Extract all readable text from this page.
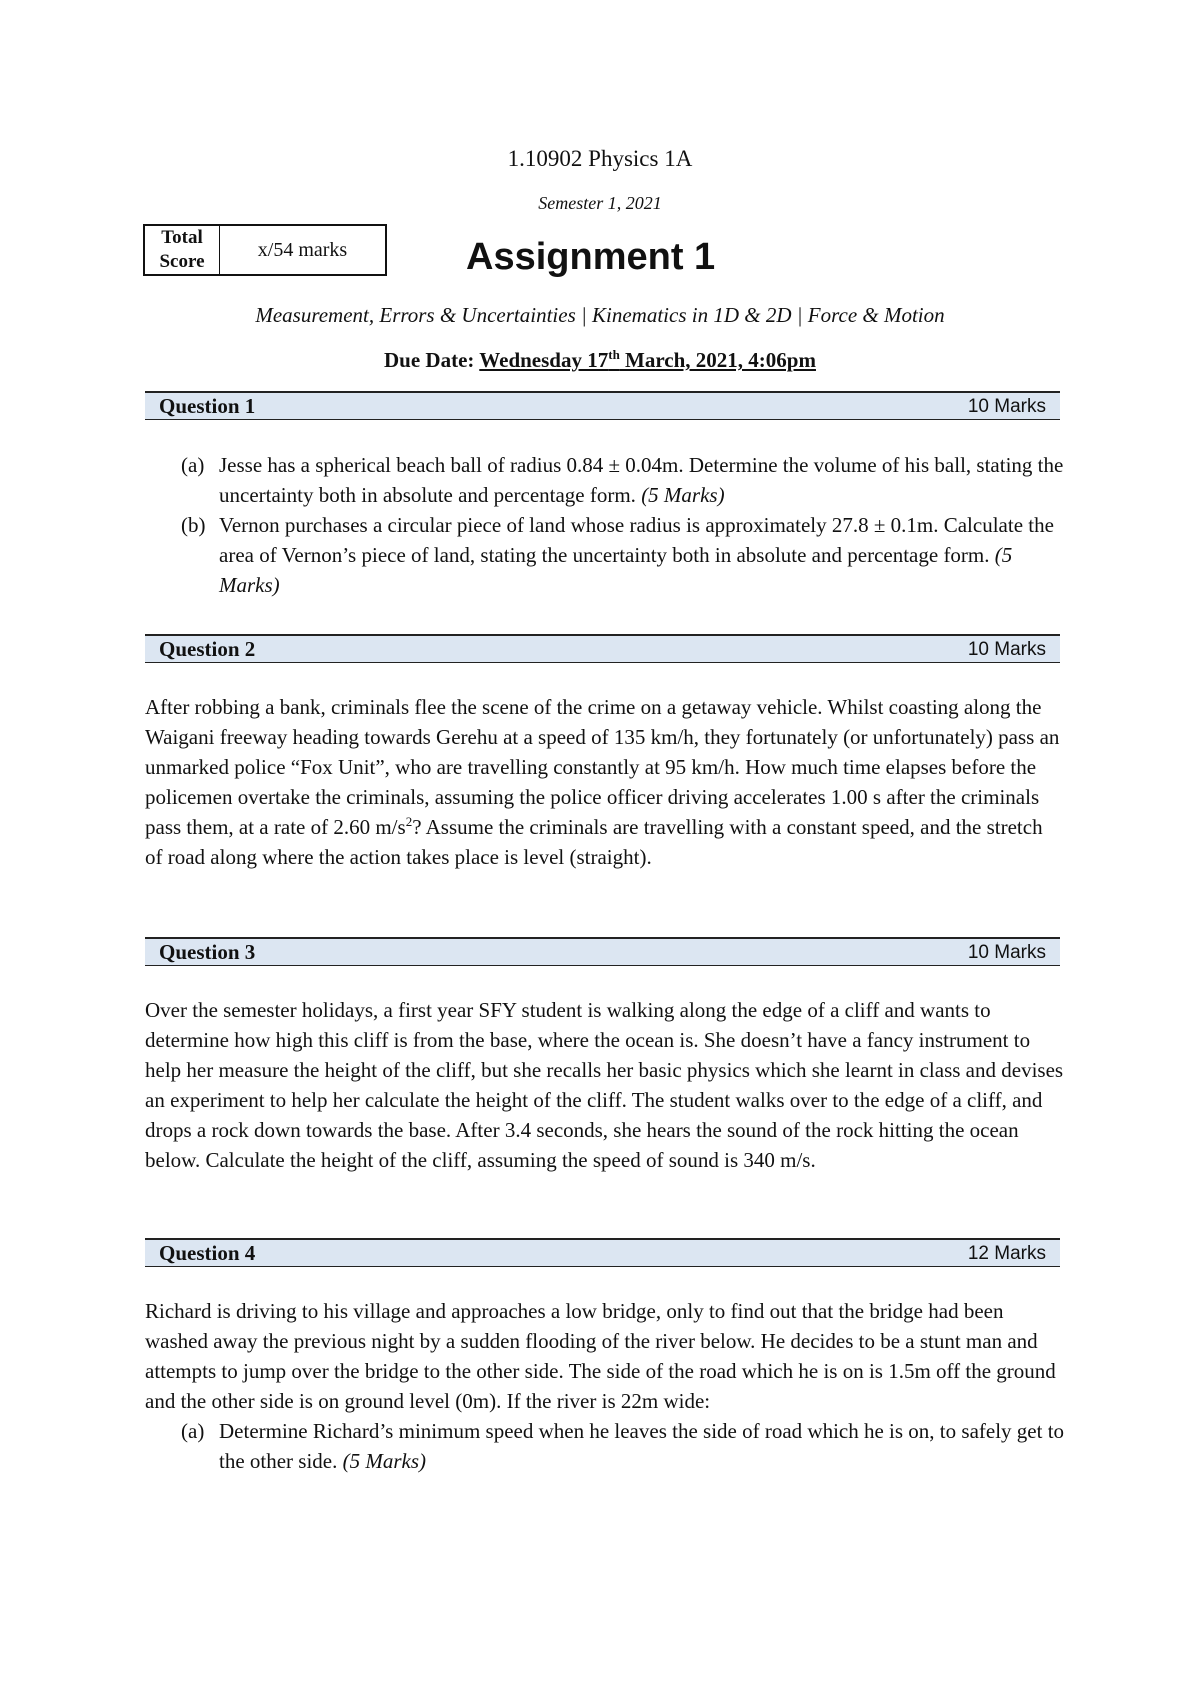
1.10902 Physics 1A
Semester 1, 2021
Total
Score
x/54 marks	Assignment 1
Measurement, Errors & Uncertainties | Kinematics in 1D & 2D | Force & Motion
Due Date: Wednesday 17th March, 2021, 4:06pm
Question 1	10 Marks
(a) Jesse has a spherical beach ball of radius 0.84 ± 0.04m. Determine the volume of his ball, stating the uncertainty both in absolute and percentage form. (5 Marks)
(b) Vernon purchases a circular piece of land whose radius is approximately 27.8 ± 0.1m. Calculate the area of Vernon’s piece of land, stating the uncertainty both in absolute and percentage form. (5 Marks)
Question 2	10 Marks

After robbing a bank, criminals flee the scene of the crime on a getaway vehicle. Whilst coasting along the Waigani freeway heading towards Gerehu at a speed of 135 km/h, they fortunately (or unfortunately) pass an unmarked police “Fox Unit”, who are travelling constantly at 95 km/h. How much time elapses before the policemen overtake the criminals, assuming the police officer driving accelerates 1.00 s after the criminals pass them, at a rate of 2.60 $m/s^2$? Assume the criminals are travelling with a constant speed, and the stretch of road along where the action takes place is level (straight).

Question 3	10 Marks

Over the semester holidays, a first year SFY student is walking along the edge of a cliff and wants to determine how high this cliff is from the base, where the ocean is. She doesn’t have a fancy instrument to help her measure the height of the cliff, but she recalls her basic physics which she learnt in class and devises an experiment to help her calculate the height of the cliff. The student walks over to the edge of a cliff, and drops a rock down towards the base. After 3.4 seconds, she hears the sound of the rock hitting the ocean below. Calculate the height of the cliff, assuming the speed of sound is 340 m/s.

Question 4	12 Marks
Richard is driving to his village and approaches a low bridge, only to find out that the bridge had been washed away the previous night by a sudden flooding of the river below. He decides to be a stunt man and attempts to jump over the bridge to the other side. The side of the road which he is on is 1.5m off the ground and the other side is on ground level (0m). If the river is 22m wide:
(a) Determine Richard’s minimum speed when he leaves the side of road which he is on, to safely get to the other side. (5 Marks)
